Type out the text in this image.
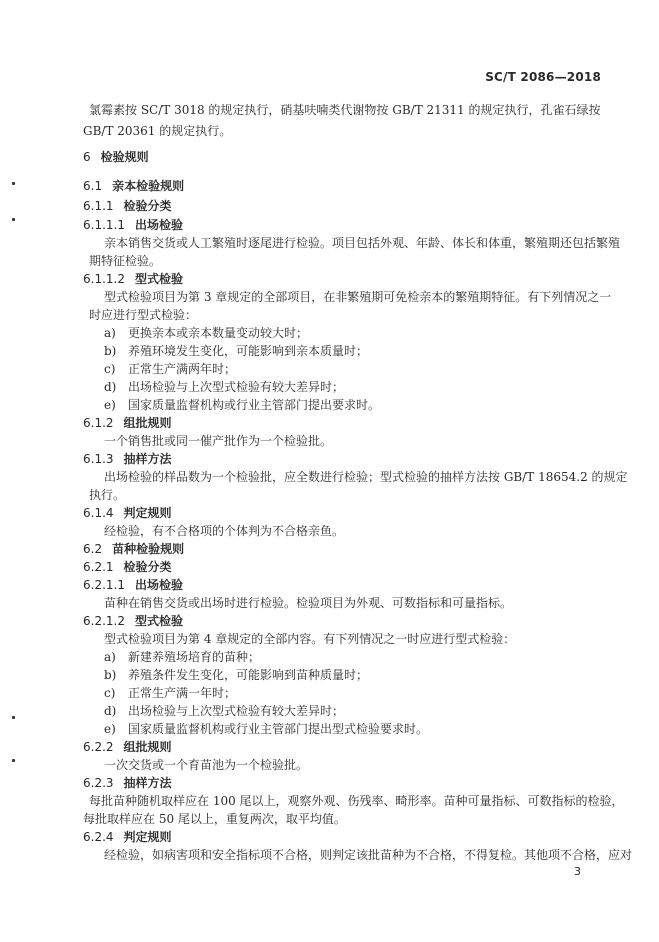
SC/T 2086—2018
氯霉素按 SC/T 3018 的规定执行，硝基呋喃类代谢物按 GB/T 21311 的规定执行，孔雀石绿按
GB/T 20361 的规定执行。
6 检验规则
6.1 亲本检验规则
6.1.1 检验分类
6.1.1.1 出场检验
亲本销售交货或人工繁殖时逐尾进行检验。项目包括外观、年龄、体长和体重，繁殖期还包括繁殖
期特征检验。
6.1.1.2 型式检验
型式检验项目为第 3 章规定的全部项目，在非繁殖期可免检亲本的繁殖期特征。有下列情况之一
时应进行型式检验：
a) 更换亲本或亲本数量变动较大时；
b) 养殖环境发生变化，可能影响到亲本质量时；
c) 正常生产满两年时；
d) 出场检验与上次型式检验有较大差异时；
e) 国家质量监督机构或行业主管部门提出要求时。
6.1.2 组批规则
一个销售批或同一催产批作为一个检验批。
6.1.3 抽样方法
出场检验的样品数为一个检验批，应全数进行检验；型式检验的抽样方法按 GB/T 18654.2 的规定
执行。
6.1.4 判定规则
经检验，有不合格项的个体判为不合格亲鱼。
6.2 苗种检验规则
6.2.1 检验分类
6.2.1.1 出场检验
苗种在销售交货或出场时进行检验。检验项目为外观、可数指标和可量指标。
6.2.1.2 型式检验
型式检验项目为第 4 章规定的全部内容。有下列情况之一时应进行型式检验：
a) 新建养殖场培育的苗种；
b) 养殖条件发生变化，可能影响到苗种质量时；
c) 正常生产满一年时；
d) 出场检验与上次型式检验有较大差异时；
e) 国家质量监督机构或行业主管部门提出型式检验要求时。
6.2.2 组批规则
一次交货或一个育苗池为一个检验批。
6.2.3 抽样方法
每批苗种随机取样应在 100 尾以上，观察外观、伤残率、畸形率。苗种可量指标、可数指标的检验，
每批取样应在 50 尾以上，重复两次，取平均值。
6.2.4 判定规则
经检验，如病害项和安全指标项不合格，则判定该批苗种为不合格，不得复检。其他项不合格，应对
3
